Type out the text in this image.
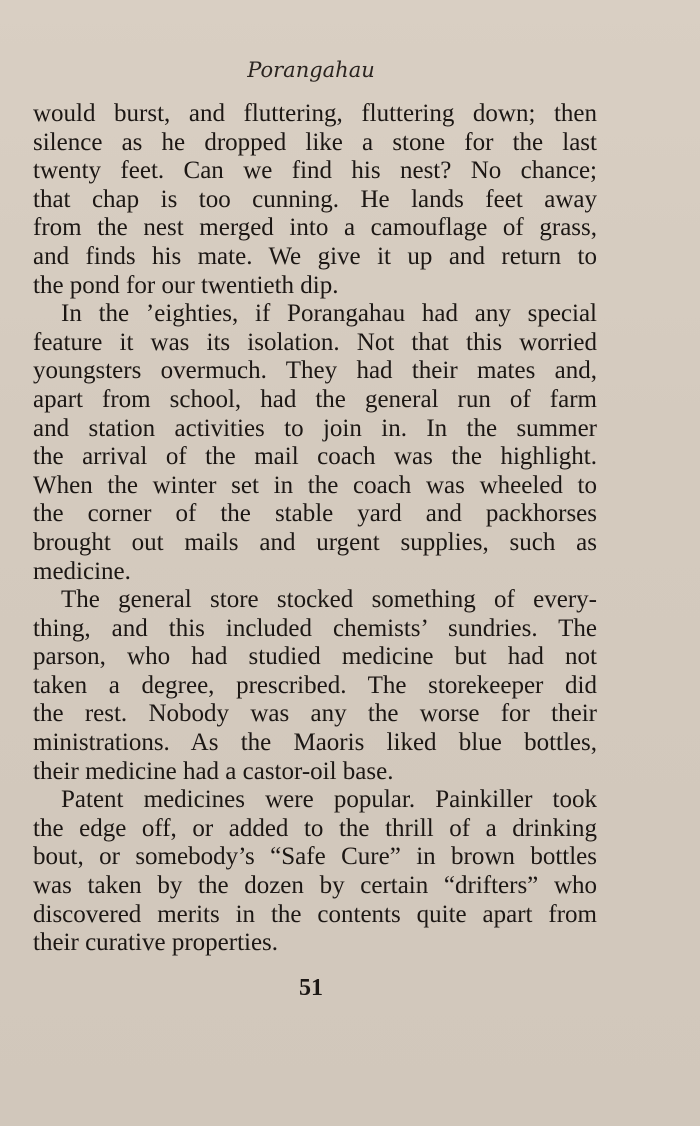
Porangahau
would burst, and fluttering, fluttering down; then
silence as he dropped like a stone for the last
twenty feet. Can we find his nest? No chance;
that chap is too cunning. He lands feet away
from the nest merged into a camouflage of grass,
and finds his mate. We give it up and return to
the pond for our twentieth dip.
In the ’eighties, if Porangahau had any special
feature it was its isolation. Not that this worried
youngsters overmuch. They had their mates and,
apart from school, had the general run of farm
and station activities to join in. In the summer
the arrival of the mail coach was the highlight.
When the winter set in the coach was wheeled to
the corner of the stable yard and packhorses
brought out mails and urgent supplies, such as
medicine.
The general store stocked something of every-
thing, and this included chemists’ sundries. The
parson, who had studied medicine but had not
taken a degree, prescribed. The storekeeper did
the rest. Nobody was any the worse for their
ministrations. As the Maoris liked blue bottles,
their medicine had a castor-oil base.
Patent medicines were popular. Painkiller took
the edge off, or added to the thrill of a drinking
bout, or somebody’s “Safe Cure” in brown bottles
was taken by the dozen by certain “drifters” who
discovered merits in the contents quite apart from
their curative properties.
51
